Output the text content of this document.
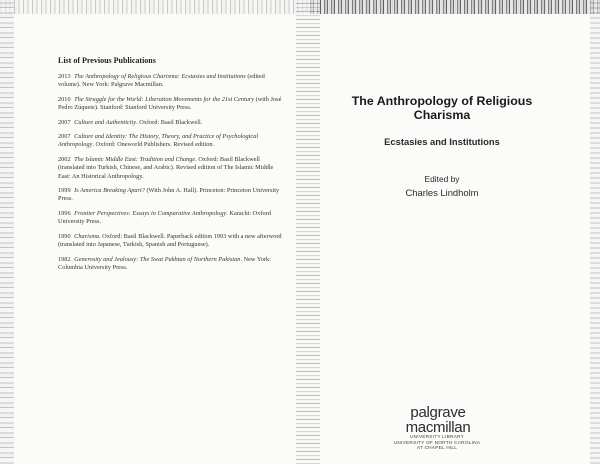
List of Previous Publications
2013 The Anthropology of Religious Charisma: Ecstasies and Institutions (edited volume). New York: Palgrave Macmillan.
2010 The Struggle for the World: Liberation Movements for the 21st Century (with José Pedro Zúquete). Stanford: Stanford University Press.
2007 Culture and Authenticity. Oxford: Basil Blackwell.
2007 Culture and Identity: The History, Theory, and Practice of Psychological Anthropology. Oxford: Oneworld Publishers. Revised edition.
2002 The Islamic Middle East: Tradition and Change. Oxford: Basil Blackwell (translated into Turkish, Chinese, and Arabic). Revised edition of The Islamic Middle East: An Historical Anthropology.
1999 Is America Breaking Apart? (With John A. Hall). Princeton: Princeton University Press.
1996 Frontier Perspectives: Essays in Comparative Anthropology. Karachi: Oxford University Press.
1990 Charisma. Oxford: Basil Blackwell. Paperback edition 1993 with a new afterword (translated into Japanese, Turkish, Spanish and Portuguese).
1982 Generosity and Jealousy: The Swat Pukhtun of Northern Pakistan. New York: Columbia University Press.
The Anthropology of Religious Charisma
Ecstasies and Institutions
Edited by
Charles Lindholm
palgrave
macmillan
UNIVERSITY LIBRARY
UNIVERSITY OF NORTH CAROLINA
AT CHAPEL HILL
